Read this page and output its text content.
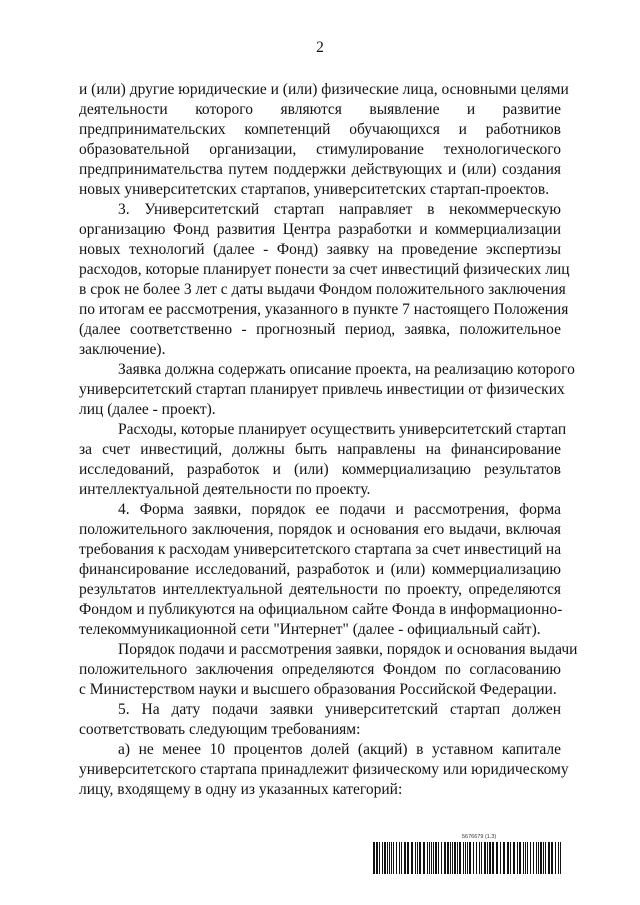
2
и (или) другие юридические и (или) физические лица, основными целями
деятельности которого являются выявление и развитие
предпринимательских компетенций обучающихся и работников
образовательной организации, стимулирование технологического
предпринимательства путем поддержки действующих и (или) создания
новых университетских стартапов, университетских стартап-проектов.
3. Университетский стартап направляет в некоммерческую
организацию Фонд развития Центра разработки и коммерциализации
новых технологий (далее - Фонд) заявку на проведение экспертизы
расходов, которые планирует понести за счет инвестиций физических лиц
в срок не более 3 лет с даты выдачи Фондом положительного заключения
по итогам ее рассмотрения, указанного в пункте 7 настоящего Положения
(далее соответственно - прогнозный период, заявка, положительное
заключение).
Заявка должна содержать описание проекта, на реализацию которого
университетский стартап планирует привлечь инвестиции от физических
лиц (далее - проект).
Расходы, которые планирует осуществить университетский стартап
за счет инвестиций, должны быть направлены на финансирование
исследований, разработок и (или) коммерциализацию результатов
интеллектуальной деятельности по проекту.
4. Форма заявки, порядок ее подачи и рассмотрения, форма
положительного заключения, порядок и основания его выдачи, включая
требования к расходам университетского стартапа за счет инвестиций на
финансирование исследований, разработок и (или) коммерциализацию
результатов интеллектуальной деятельности по проекту, определяются
Фондом и публикуются на официальном сайте Фонда в информационно-
телекоммуникационной сети "Интернет" (далее - официальный сайт).
Порядок подачи и рассмотрения заявки, порядок и основания выдачи
положительного заключения определяются Фондом по согласованию
с Министерством науки и высшего образования Российской Федерации.
5. На дату подачи заявки университетский стартап должен
соответствовать следующим требованиям:
а) не менее 10 процентов долей (акций) в уставном капитале
университетского стартапа принадлежит физическому или юридическому
лицу, входящему в одну из указанных категорий:
5676679 (1.3)
